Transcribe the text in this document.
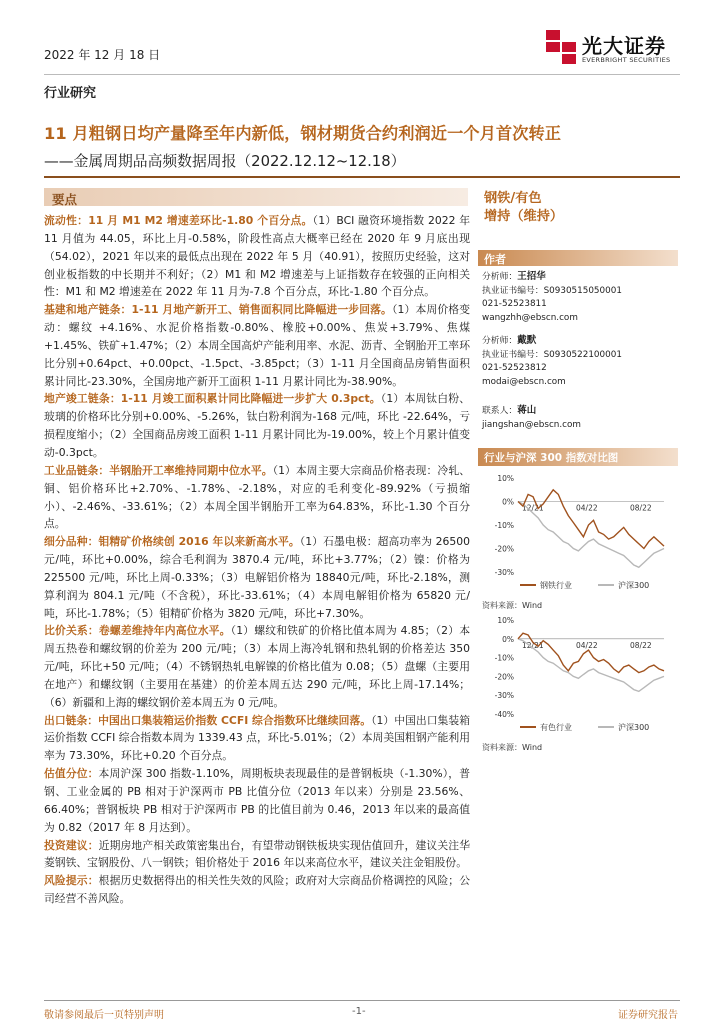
2022 年 12 月 18 日	光大证券
EVERBRIGHT SECURITIES
行业研究
11 月粗钢日均产量降至年内新低，钢材期货合约利润近一个月首次转正
——金属周期品高频数据周报（2022.12.12~12.18）
要点

流动性：11 月 M1 M2 增速差环比-1.80 个百分点。（1）BCI 融资环境指数 2022 年 11 月值为 44.05，环比上月-0.58%，阶段性高点大概率已经在 2020 年 9 月底出现（54.02），2021 年以来的最低点出现在 2022 年 5 月（40.91），按照历史经验，这对创业板指数的中长期并不利好；（2）M1 和 M2 增速差与上证指数存在较强的正向相关性：M1 和 M2 增速差在 2022 年 11 月为-7.8 个百分点，环比-1.80 个百分点。

基建和地产链条：1-11 月地产新开工、销售面积同比降幅进一步回落。（1）本周价格变动：螺纹 +4.16%、水泥价格指数-0.80%、橡胶+0.00%、焦炭+3.79%、焦煤+1.45%、铁矿+1.47%；（2）本周全国高炉产能利用率、水泥、沥青、全钢胎开工率环比分别+0.64pct、+0.00pct、-1.5pct、-3.85pct；（3）1-11 月全国商品房销售面积累计同比-23.30%，全国房地产新开工面积 1-11 月累计同比为-38.90%。

地产竣工链条：1-11 月竣工面积累计同比降幅进一步扩大 0.3pct。（1）本周钛白粉、玻璃的价格环比分别+0.00%、-5.26%，钛白粉利润为-168 元/吨，环比 -22.64%，亏损程度缩小；（2）全国商品房竣工面积 1-11 月累计同比为-19.00%，较上个月累计值变动-0.3pct。

工业品链条：半钢胎开工率维持同期中位水平。（1）本周主要大宗商品价格表现：冷轧、铜、铝价格环比+2.70%、-1.78%、-2.18%，对应的毛利变化-89.92%（亏损缩小）、-2.46%、-33.61%；（2）本周全国半钢胎开工率为64.83%，环比-1.30 个百分点。

细分品种：钼精矿价格续创 2016 年以来新高水平。（1）石墨电极：超高功率为 26500 元/吨，环比+0.00%，综合毛利润为 3870.4 元/吨，环比+3.77%；（2）镍：价格为 225500 元/吨，环比上周-0.33%；（3）电解铝价格为 18840元/吨，环比-2.18%，测算利润为 804.1 元/吨（不含税），环比-33.61%；（4）本周电解钼价格为 65820 元/吨，环比-1.78%；（5）钼精矿价格为 3820 元/吨，环比+7.30%。

比价关系：卷螺差维持年内高位水平。（1）螺纹和铁矿的价格比值本周为 4.85；（2）本周五热卷和螺纹钢的价差为 200 元/吨；（3）本周上海冷轧钢和热轧钢的价格差达 350 元/吨，环比+50 元/吨；（4）不锈钢热轧电解镍的价格比值为 0.08；（5）盘螺（主要用在地产）和螺纹钢（主要用在基建）的价差本周五达 290 元/吨，环比上周-17.14%；（6）新疆和上海的螺纹钢价差本周五为 0 元/吨。

出口链条：中国出口集装箱运价指数 CCFI 综合指数环比继续回落。（1）中国出口集装箱运价指数 CCFI 综合指数本周为 1339.43 点，环比-5.01%；（2）本周美国粗钢产能利用率为 73.30%，环比+0.20 个百分点。

估值分位：本周沪深 300 指数-1.10%，周期板块表现最佳的是普钢板块（-1.30%），普钢、工业金属的 PB 相对于沪深两市 PB 比值分位（2013 年以来）分别是 23.56%、66.40%；普钢板块 PB 相对于沪深两市 PB 的比值目前为 0.46，2013 年以来的最高值为 0.82（2017 年 8 月达到）。

投资建议：近期房地产相关政策密集出台，有望带动钢铁板块实现估值回升，建议关注华菱钢铁、宝钢股份、八一钢铁；钼价格处于 2016 年以来高位水平，建议关注金钼股份。

风险提示：根据历史数据得出的相关性失效的风险；政府对大宗商品价格调控的风险；公司经营不善风险。

钢铁/有色
增持（维持）
作者
分析师：王招华
执业证书编号：S0930515050001
021-52523811
wangzhh@ebscn.com
分析师：戴默
执业证书编号：S0930522100001
021-52523812
modai@ebscn.com
联系人：蒋山
jiangshan@ebscn.com
行业与沪深 300 指数对比图
10%
0%
-10%
-20%
-30%
12/21	04/22	08/22
钢铁行业	沪深300
资料来源：Wind
10%
0%
-10%
-20%
-30%
-40%
12/21	04/22	08/22
有色行业	沪深300
资料来源：Wind
敬请参阅最后一页特别声明	-1-	证券研究报告
